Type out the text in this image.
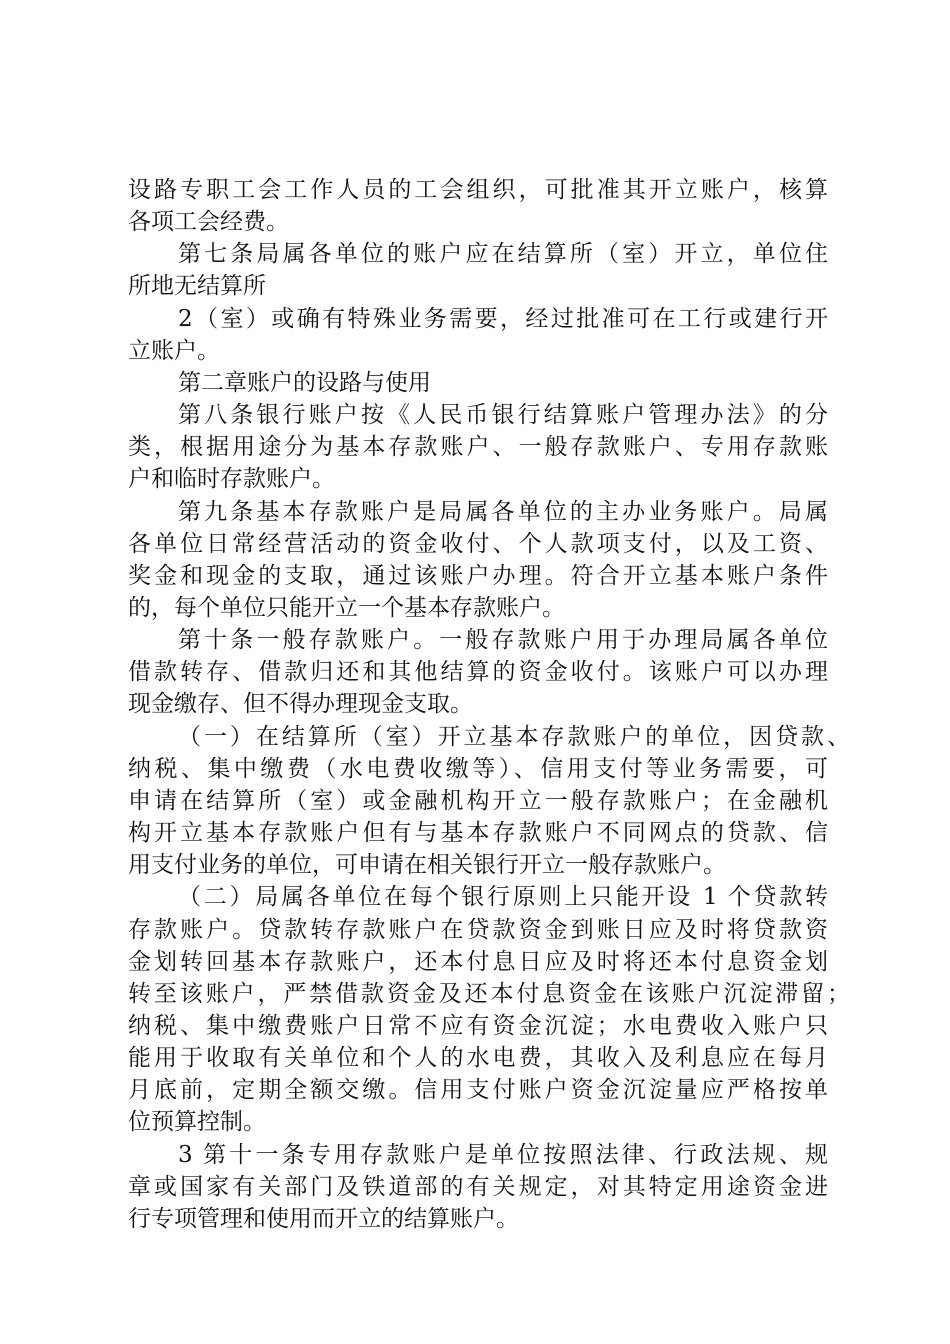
设路专职工会工作人员的工会组织，可批准其开立账户，核算
各项工会经费。
第七条局属各单位的账户应在结算所（室）开立，单位住
所地无结算所
2（室）或确有特殊业务需要，经过批准可在工行或建行开
立账户。
第二章账户的设路与使用
第八条银行账户按《人民币银行结算账户管理办法》的分
类，根据用途分为基本存款账户、一般存款账户、专用存款账
户和临时存款账户。
第九条基本存款账户是局属各单位的主办业务账户。局属
各单位日常经营活动的资金收付、个人款项支付，以及工资、
奖金和现金的支取，通过该账户办理。符合开立基本账户条件
的，每个单位只能开立一个基本存款账户。
第十条一般存款账户。一般存款账户用于办理局属各单位
借款转存、借款归还和其他结算的资金收付。该账户可以办理
现金缴存、但不得办理现金支取。
（一）在结算所（室）开立基本存款账户的单位，因贷款、
纳税、集中缴费（水电费收缴等）、信用支付等业务需要，可
申请在结算所（室）或金融机构开立一般存款账户；在金融机
构开立基本存款账户但有与基本存款账户不同网点的贷款、信
用支付业务的单位，可申请在相关银行开立一般存款账户。
（二）局属各单位在每个银行原则上只能开设 1 个贷款转
存款账户。贷款转存款账户在贷款资金到账日应及时将贷款资
金划转回基本存款账户，还本付息日应及时将还本付息资金划
转至该账户，严禁借款资金及还本付息资金在该账户沉淀滞留；
纳税、集中缴费账户日常不应有资金沉淀；水电费收入账户只
能用于收取有关单位和个人的水电费，其收入及利息应在每月
月底前，定期全额交缴。信用支付账户资金沉淀量应严格按单
位预算控制。
3 第十一条专用存款账户是单位按照法律、行政法规、规
章或国家有关部门及铁道部的有关规定，对其特定用途资金进
行专项管理和使用而开立的结算账户。
